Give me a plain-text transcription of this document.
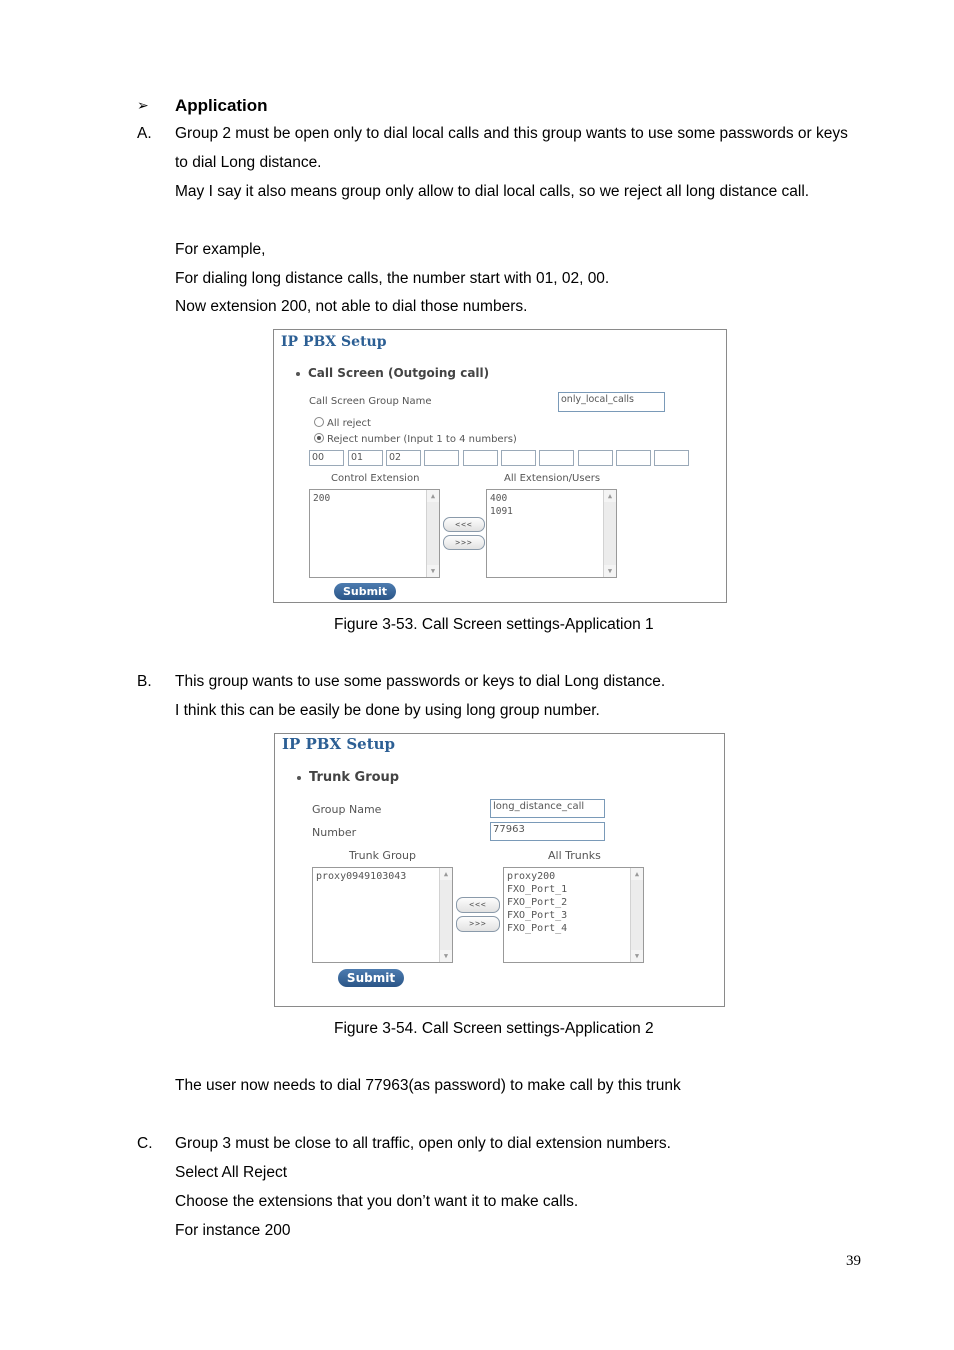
➢ Application
A. Group 2 must be open only to dial local calls and this group wants to use some passwords or keys
to dial Long distance.
May I say it also means group only allow to dial local calls, so we reject all long distance call.
For example,
For dialing long distance calls, the number start with 01, 02, 00.
Now extension 200, not able to dial those numbers.
IP PBX Setup
Call Screen (Outgoing call)
Call Screen Group Name	only_local_calls
All reject
Reject number (Input 1 to 4 numbers)
00	01	02
Control Extension	All Extension/Users
200	▲
▼
<<<
>>>
400
1091
▲
▼
Submit
Figure 3-53. Call Screen settings-Application 1
B. This group wants to use some passwords or keys to dial Long distance.
I think this can be easily be done by using long group number.
IP PBX Setup
Trunk Group
Group Name	long_distance_call
Number	77963
Trunk Group	All Trunks
proxy0949103043	▲
▼
<<<
>>>
proxy200
FXO_Port_1
FXO_Port_2
FXO_Port_3
FXO_Port_4
▲
▼
Submit
Figure 3-54. Call Screen settings-Application 2
The user now needs to dial 77963(as password) to make call by this trunk
C. Group 3 must be close to all traffic, open only to dial extension numbers.
Select All Reject
Choose the extensions that you don’t want it to make calls.
For instance 200
39
